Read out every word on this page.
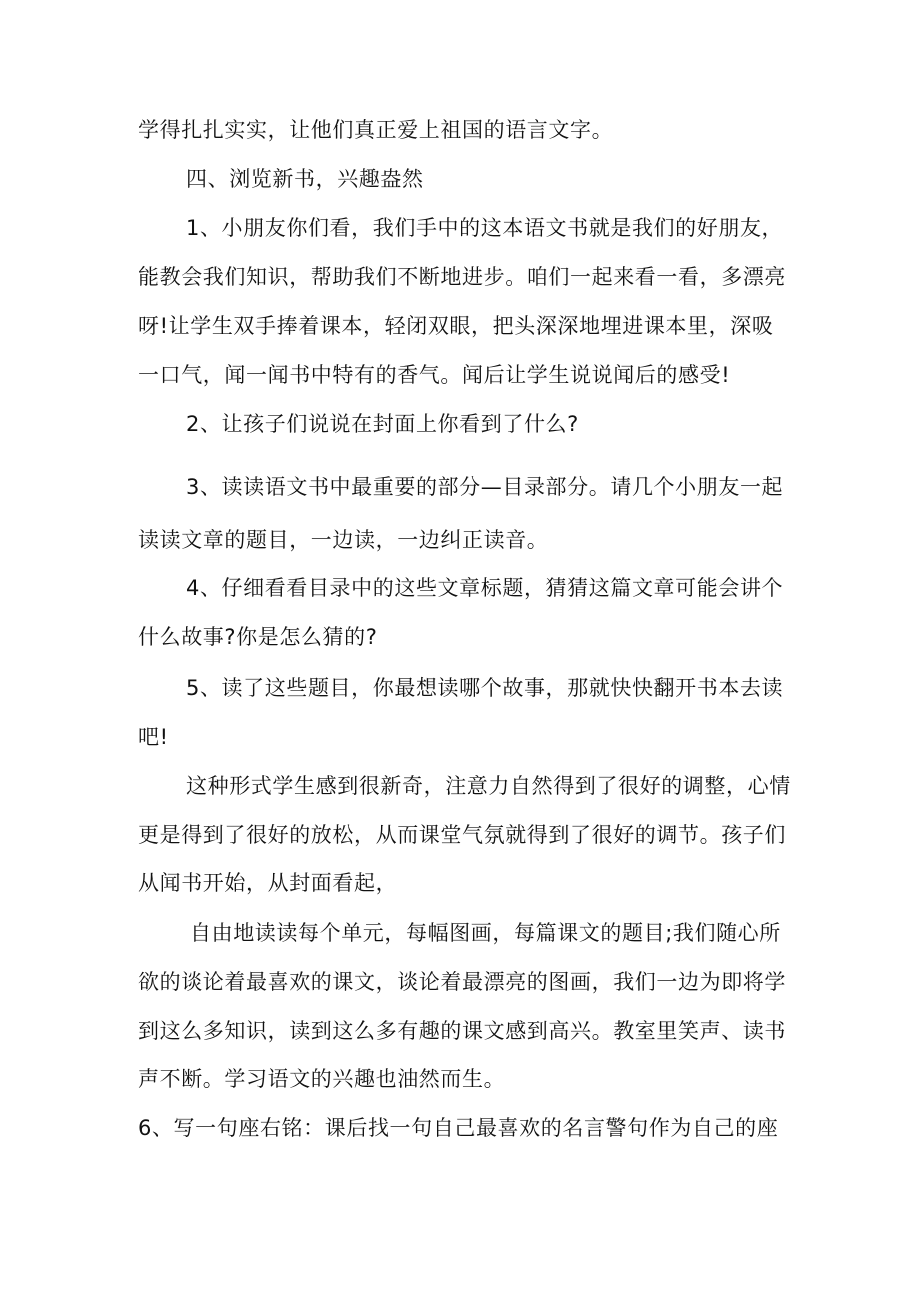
学得扎扎实实，让他们真正爱上祖国的语言文字。
四、浏览新书，兴趣盎然
1、小朋友你们看，我们手中的这本语文书就是我们的好朋友，
能教会我们知识，帮助我们不断地进步。咱们一起来看一看，多漂亮
呀!让学生双手捧着课本，轻闭双眼，把头深深地埋进课本里，深吸
一口气，闻一闻书中特有的香气。闻后让学生说说闻后的感受!
2、让孩子们说说在封面上你看到了什么?
3、读读语文书中最重要的部分—目录部分。请几个小朋友一起
读读文章的题目，一边读，一边纠正读音。
4、仔细看看目录中的这些文章标题，猜猜这篇文章可能会讲个
什么故事?你是怎么猜的?
5、读了这些题目，你最想读哪个故事，那就快快翻开书本去读
吧!
这种形式学生感到很新奇，注意力自然得到了很好的调整，心情
更是得到了很好的放松，从而课堂气氛就得到了很好的调节。孩子们
从闻书开始，从封面看起，
自由地读读每个单元，每幅图画，每篇课文的题目;我们随心所
欲的谈论着最喜欢的课文，谈论着最漂亮的图画，我们一边为即将学
到这么多知识，读到这么多有趣的课文感到高兴。教室里笑声、读书
声不断。学习语文的兴趣也油然而生。
6、写一句座右铭：课后找一句自己最喜欢的名言警句作为自己的座
